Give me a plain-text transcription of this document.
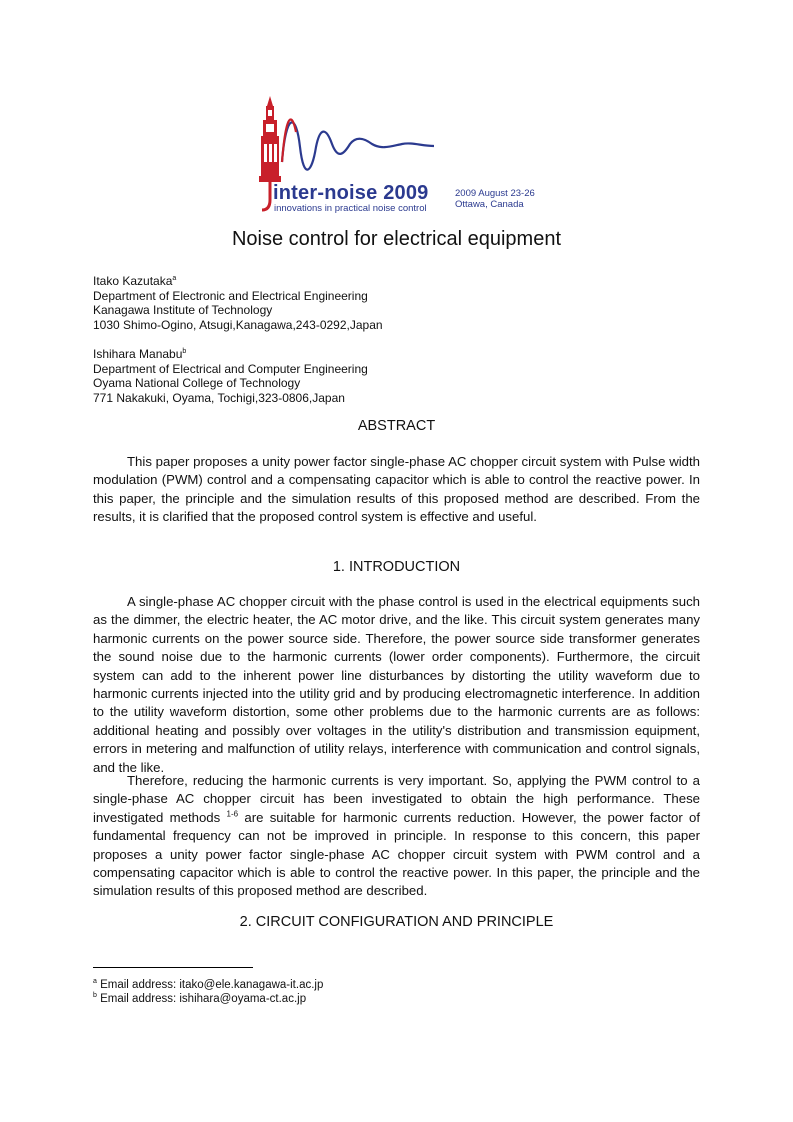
inter-noise 2009
innovations in practical noise control
2009 August 23-26
Ottawa, Canada
Noise control for electrical equipment
Itako Kazutaka$^a$
Department of Electronic and Electrical Engineering
Kanagawa Institute of Technology
1030 Shimo-Ogino, Atsugi,Kanagawa,243-0292,Japan
Ishihara Manabu$^b$
Department of Electrical and Computer Engineering
Oyama National College of Technology
771 Nakakuki, Oyama, Tochigi,323-0806,Japan
ABSTRACT

This paper proposes a unity power factor single-phase AC chopper circuit system with Pulse width modulation (PWM) control and a compensating capacitor which is able to control the reactive power. In this paper, the principle and the simulation results of this proposed method are described. From the results, it is clarified that the proposed control system is effective and useful.

1. INTRODUCTION

A single-phase AC chopper circuit with the phase control is used in the electrical equipments such as the dimmer, the electric heater, the AC motor drive, and the like. This circuit system generates many harmonic currents on the power source side. Therefore, the power source side transformer generates the sound noise due to the harmonic currents (lower order components). Furthermore, the circuit system can add to the inherent power line disturbances by distorting the utility waveform due to harmonic currents injected into the utility grid and by producing electromagnetic interference. In addition to the utility waveform distortion, some other problems due to the harmonic currents are as follows: additional heating and possibly over voltages in the utility's distribution and transmission equipment, errors in metering and malfunction of utility relays, interference with communication and control signals, and the like.

Therefore, reducing the harmonic currents is very important. So, applying the PWM control to a single-phase AC chopper circuit has been investigated to obtain the high performance. These investigated methods $^{1-6}$ are suitable for harmonic currents reduction. However, the power factor of fundamental frequency can not be improved in principle. In response to this concern, this paper proposes a unity power factor single-phase AC chopper circuit system with PWM control and a compensating capacitor which is able to control the reactive power. In this paper, the principle and the simulation results of this proposed method are described.

2. CIRCUIT CONFIGURATION AND PRINCIPLE
$^a$ Email address: itako@ele.kanagawa-it.ac.jp
$^b$ Email address: ishihara@oyama-ct.ac.jp
